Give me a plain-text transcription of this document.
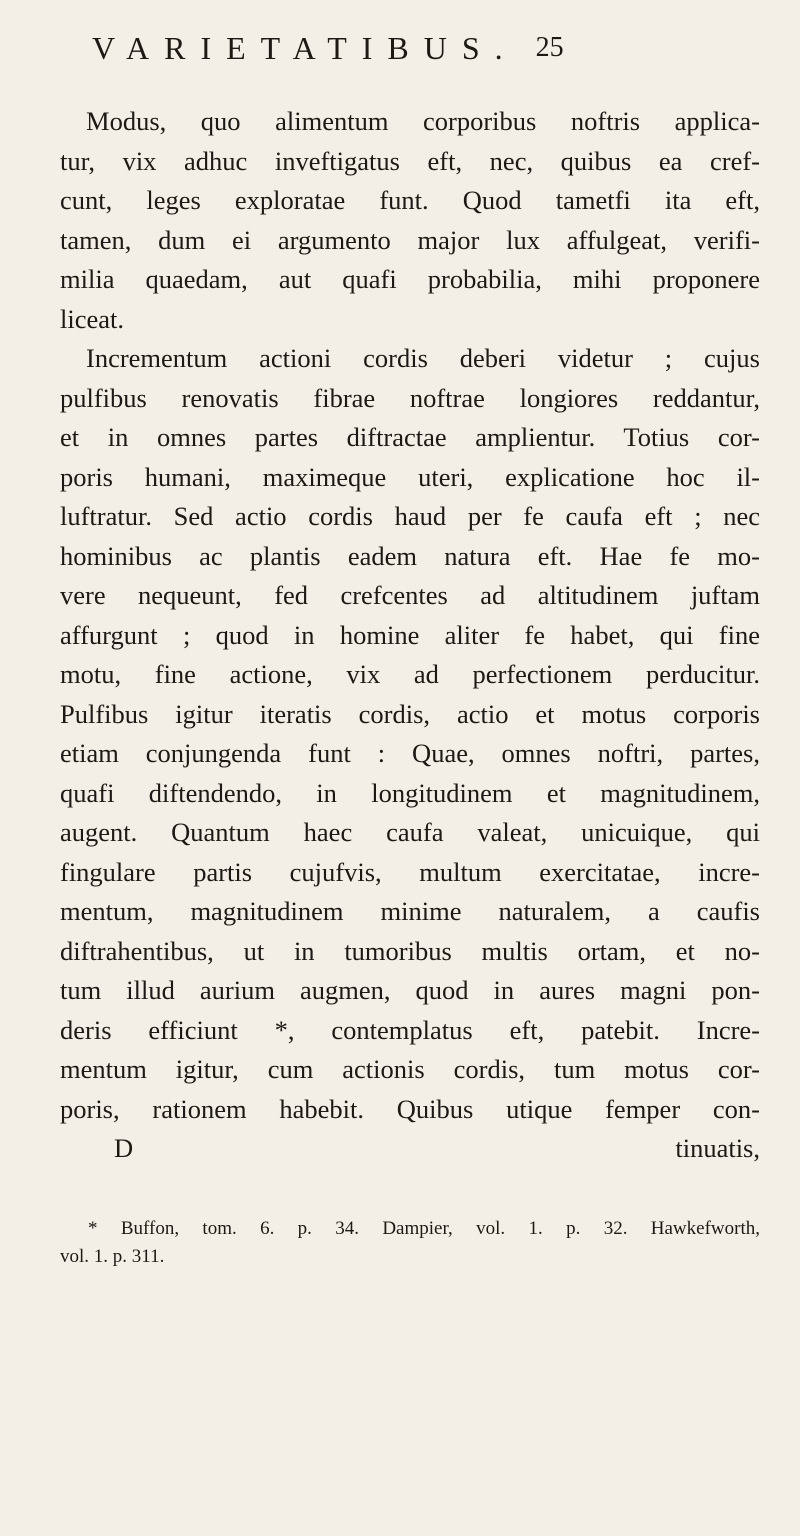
VARIETATIBUS. 25
Modus, quo alimentum corporibus noftris applica-
tur, vix adhuc inveftigatus eft, nec, quibus ea cref-
cunt, leges exploratae funt. Quod tametfi ita eft,
tamen, dum ei argumento major lux affulgeat, verifi-
milia quaedam, aut quafi probabilia, mihi proponere
liceat.
Incrementum actioni cordis deberi videtur ; cujus
pulfibus renovatis fibrae noftrae longiores reddantur,
et in omnes partes diftractae amplientur. Totius cor-
poris humani, maximeque uteri, explicatione hoc il-
luftratur. Sed actio cordis haud per fe caufa eft ; nec
hominibus ac plantis eadem natura eft. Hae fe mo-
vere nequeunt, fed crefcentes ad altitudinem juftam
affurgunt ; quod in homine aliter fe habet, qui fine
motu, fine actione, vix ad perfectionem perducitur.
Pulfibus igitur iteratis cordis, actio et motus corporis
etiam conjungenda funt : Quae, omnes noftri, partes,
quafi diftendendo, in longitudinem et magnitudinem,
augent. Quantum haec caufa valeat, unicuique, qui
fingulare partis cujufvis, multum exercitatae, incre-
mentum, magnitudinem minime naturalem, a caufis
diftrahentibus, ut in tumoribus multis ortam, et no-
tum illud aurium augmen, quod in aures magni pon-
deris efficiunt *, contemplatus eft, patebit. Incre-
mentum igitur, cum actionis cordis, tum motus cor-
poris, rationem habebit. Quibus utique femper con-
D	tinuatis,
* Buffon, tom. 6. p. 34. Dampier, vol. 1. p. 32. Hawkefworth,
vol. 1. p. 311.
